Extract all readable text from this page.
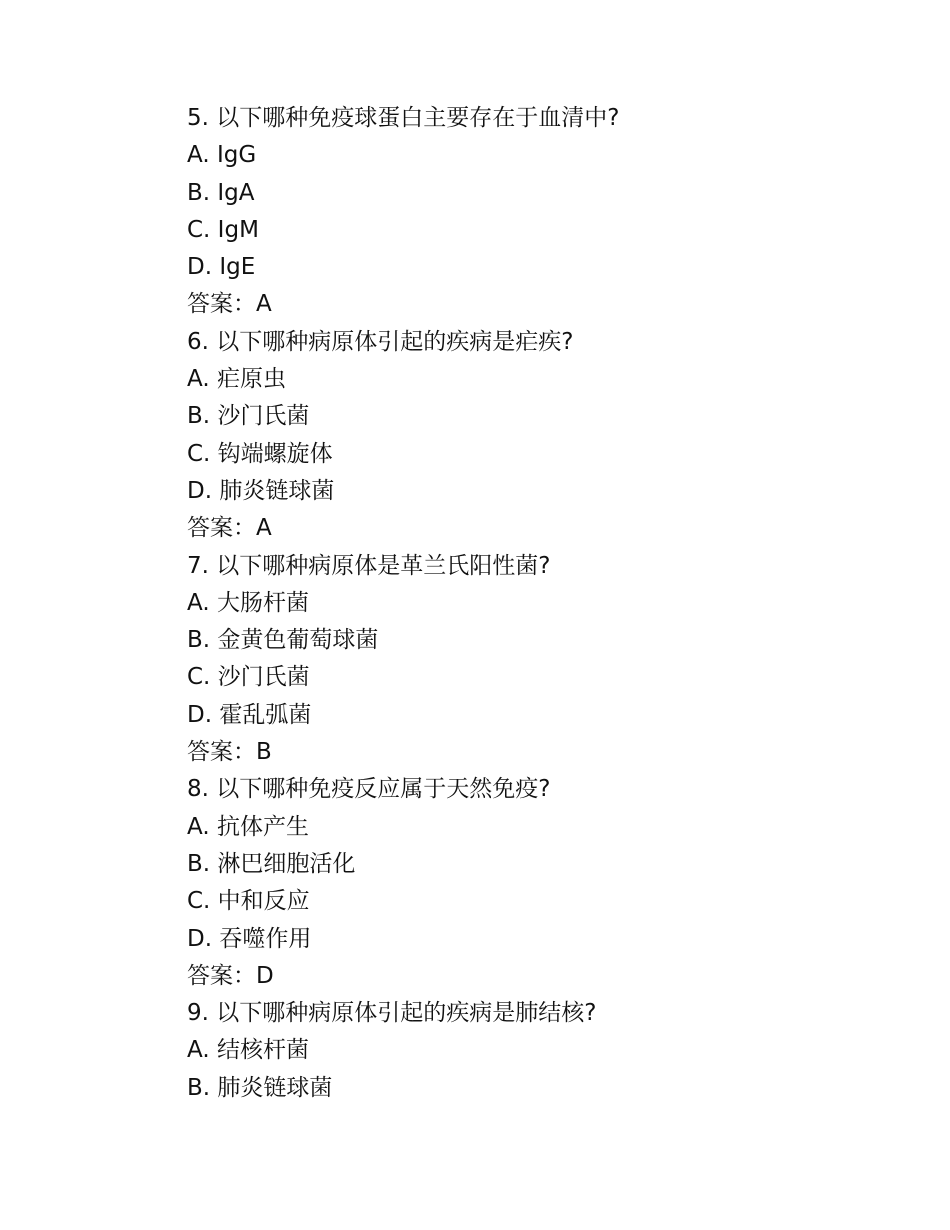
5. 以下哪种免疫球蛋白主要存在于血清中?
A. IgG
B. IgA
C. IgM
D. IgE
答案：A
6. 以下哪种病原体引起的疾病是疟疾?
A. 疟原虫
B. 沙门氏菌
C. 钩端螺旋体
D. 肺炎链球菌
答案：A
7. 以下哪种病原体是革兰氏阳性菌?
A. 大肠杆菌
B. 金黄色葡萄球菌
C. 沙门氏菌
D. 霍乱弧菌
答案：B
8. 以下哪种免疫反应属于天然免疫?
A. 抗体产生
B. 淋巴细胞活化
C. 中和反应
D. 吞噬作用
答案：D
9. 以下哪种病原体引起的疾病是肺结核?
A. 结核杆菌
B. 肺炎链球菌
